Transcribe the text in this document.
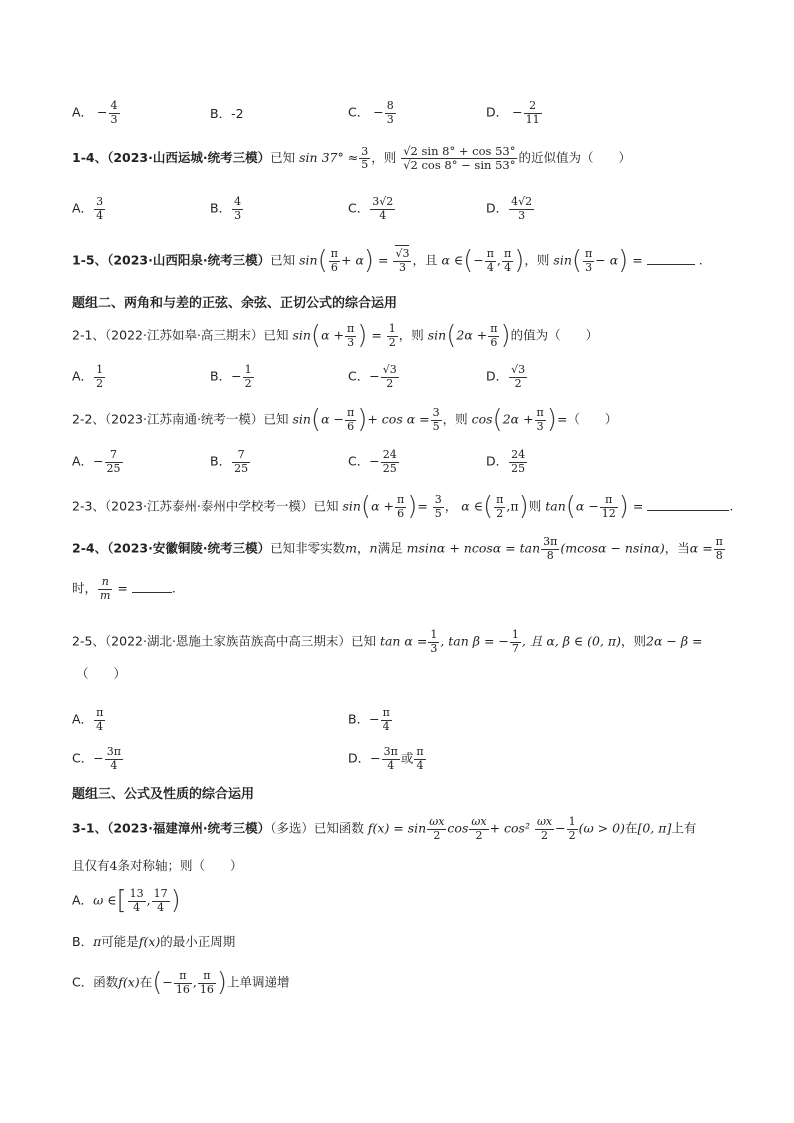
A． − $\frac{4}{3}$	B．-2	C． − $\frac{8}{3}$	D． − $\frac{2}{11}$
1-4、（2023·山西运城·统考三模）已知 $\sin 37^\circ \approx \frac{3}{5}$ ，则 $\frac{√2 \sin 8^\circ + \cos 53^\circ}{√2 \cos 8^\circ - \sin 53^\circ}$ 的近似值为（　　）
A． $\frac{3}{4}$	B． $\frac{4}{3}$	C． $\frac{3√2}{4}$	D． $\frac{4√2}{3}$
1-5、（2023·山西阳泉·统考三模）已知 $\sin( \frac{\pi}{6} + \alpha) = \frac{√3}{3}$ ，且 α ∈(− $\frac{\pi}{4}$ , $\frac{\pi}{4}$ )，则 $\sin( \frac{\pi}{3} - \alpha)$ =	.
题组二、两角和与差的正弦、余弦、正切公式的综合运用
2-1、（2022·江苏如皋·高三期末）已知 $\sin(\alpha + \frac{\pi}{3}$ ) = $\frac{1}{2}$ ，则 $\sin(2\alpha + \frac{\pi}{6}$ )的值为（　　）
A． $\frac{1}{2}$	B．− $\frac{1}{2}$	C．− $\frac{√3}{2}$	D． $\frac{√3}{2}$
2-2、（2023·江苏南通·统考一模）已知 $\sin(\alpha - \frac{\pi}{6}$ )+ $\cos \alpha = \frac{3}{5}$ ，则 $\cos(2\alpha + \frac{\pi}{3}$ )=（　　）
A．− $\frac{7}{25}$	B． $\frac{7}{25}$	C．− $\frac{24}{25}$	D． $\frac{24}{25}$
2-3、（2023·江苏泰州·泰州中学校考一模）已知 $\sin(\alpha + \frac{\pi}{6}$ )= $\frac{3}{5}$ ， α ∈( $\frac{\pi}{2} ,\pi$)则 $\tan(\alpha - \frac{\pi}{12}$ ) =	.
2-4、（2023·安徽铜陵·统考三模）已知非零实数m，n满足 $msin\alpha + ncos\alpha = \tan \frac{3\pi}{8} (mcos\alpha - nsin\alpha)$，当$\alpha = \frac{\pi}{8}$
时， $\frac{n}{m}$ =	.
2-5、（2022·湖北·恩施土家族苗族高中高三期末）已知 $\tan \alpha = \frac{1}{3}$ , tan β = − $\frac{1}{7}$ , 且 α, β ∈ (0, π)，则2α − β =
（　　）
A． $\frac{\pi}{4}$	B．− $\frac{\pi}{4}$
C．− $\frac{3\pi}{4}$	D．− $\frac{3\pi}{4}$ 或 $\frac{\pi}{4}$
题组三、公式及性质的综合运用
3-1、（2023·福建漳州·统考三模）（多选）已知函数 $f(x) = \sin \frac{\omega x}{2}$ $\cos \frac{\omega x}{2} + \cos^2 \frac{\omega x}{2} - \frac{1}{2} (\omega > 0)$在[0, π]上有
且仅有4条对称轴；则（　　）
A．ω ∈[ $\frac{13}{4}$ , $\frac{17}{4}$ )
B．π可能是f(x)的最小正周期
C．函数f(x)在(− $\frac{\pi}{16}$ , $\frac{\pi}{16}$ )上单调递增
